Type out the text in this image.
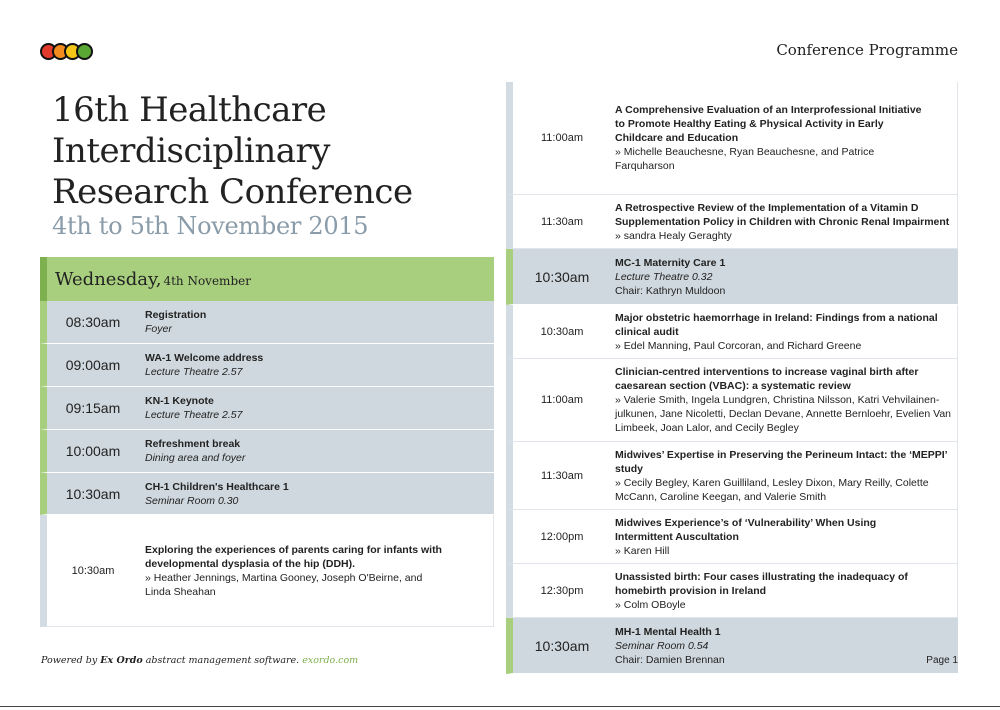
Conference Programme
16th Healthcare
Interdisciplinary
Research Conference
4th to 5th November 2015
Wednesday, 4th November
08:30am	Registration
Foyer
09:00am	WA-1 Welcome address
Lecture Theatre 2.57
09:15am	KN-1 Keynote
Lecture Theatre 2.57
10:00am	Refreshment break
Dining area and foyer
10:30am	CH-1 Children's Healthcare 1
Seminar Room 0.30
10:30am
Exploring the experiences of parents caring for infants with developmental dysplasia of the hip (DDH).
» Heather Jennings, Martina Gooney, Joseph O'Beirne, and Linda Sheahan
11:00am
A Comprehensive Evaluation of an Interprofessional Initiative to Promote Healthy Eating & Physical Activity in Early Childcare and Education
» Michelle Beauchesne, Ryan Beauchesne, and Patrice Farquharson
11:30am
A Retrospective Review of the Implementation of a Vitamin D Supplementation Policy in Children with Chronic Renal Impairment
» sandra Healy Geraghty
10:30am
MC-1 Maternity Care 1
Lecture Theatre 0.32
Chair: Kathryn Muldoon
10:30am
Major obstetric haemorrhage in Ireland: Findings from a national clinical audit
» Edel Manning, Paul Corcoran, and Richard Greene
11:00am
Clinician-centred interventions to increase vaginal birth after caesarean section (VBAC): a systematic review
» Valerie Smith, Ingela Lundgren, Christina Nilsson, Katri Vehvilainen-julkunen, Jane Nicoletti, Declan Devane, Annette Bernloehr, Evelien Van Limbeek, Joan Lalor, and Cecily Begley
11:30am
Midwives’ Expertise in Preserving the Perineum Intact: the ‘MEPPI’ study
» Cecily Begley, Karen Guilliland, Lesley Dixon, Mary Reilly, Colette McCann, Caroline Keegan, and Valerie Smith
12:00pm
Midwives Experience’s of ‘Vulnerability’ When Using Intermittent Auscultation
» Karen Hill
12:30pm
Unassisted birth: Four cases illustrating the inadequacy of homebirth provision in Ireland
» Colm OBoyle
10:30am
MH-1 Mental Health 1
Seminar Room 0.54
Chair: Damien Brennan
Powered by Ex Ordo abstract management software. exordo.com	Page 1
